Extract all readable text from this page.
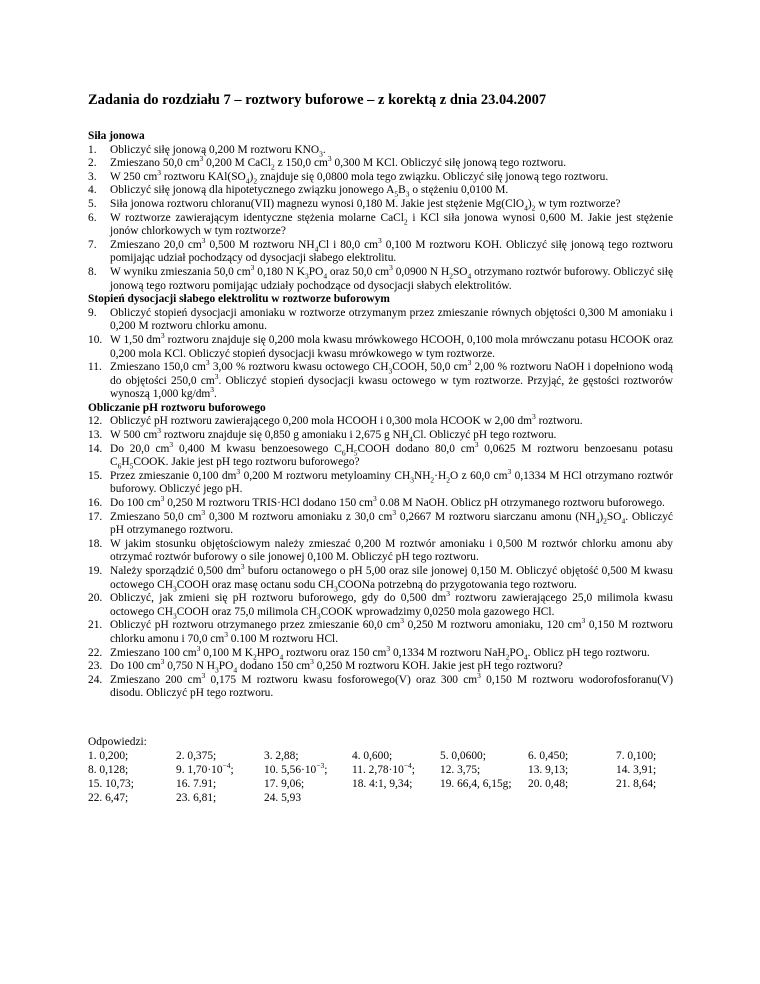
Zadania do rozdziału 7 – roztwory buforowe – z korektą z dnia 23.04.2007
Siła jonowa
1. Obliczyć siłę jonową 0,200 M roztworu $KNO_3$.
2. Zmieszano 50,0 $cm^3$ 0,200 M CaCl$_2$ z 150,0 $cm^3$ 0,300 M KCl. Obliczyć siłę jonową tego roztworu.
3. W 250 $cm^3$ roztworu $KAl(SO_4)_2$ znajduje się 0,0800 mola tego związku. Obliczyć siłę jonową tego roztworu.
4. Obliczyć siłę jonową dla hipotetycznego związku jonowego $A_5B_3$ o stężeniu 0,0100 M.
5. Siła jonowa roztworu chloranu(VII) magnezu wynosi 0,180 M. Jakie jest stężenie $Mg(ClO_4)_2$ w tym roztworze?
6. W roztworze zawierającym identyczne stężenia molarne CaCl$_2$ i KCl siła jonowa wynosi 0,600 M. Jakie jest stężenie jonów chlorkowych w tym roztworze?
7. Zmieszano 20,0 $cm^3$ 0,500 M roztworu $NH_4Cl$ i 80,0 $cm^3$ 0,100 M roztworu KOH. Obliczyć siłę jonową tego roztworu pomijając udział pochodzący od dysocjacji słabego elektrolitu.
8. W wyniku zmieszania 50,0 $cm^3$ 0,180 N $K_3PO_4$ oraz 50,0 $cm^3$ 0,0900 N $H_2SO_4$ otrzymano roztwór buforowy. Obliczyć siłę jonową tego roztworu pomijając udziały pochodzące od dysocjacji słabych elektrolitów.
Stopień dysocjacji słabego elektrolitu w roztworze buforowym
9. Obliczyć stopień dysocjacji amoniaku w roztworze otrzymanym przez zmieszanie równych objętości 0,300 M amoniaku i 0,200 M roztworu chlorku amonu.
10. W 1,50 $dm^3$ roztworu znajduje się 0,200 mola kwasu mrówkowego HCOOH, 0,100 mola mrówczanu potasu HCOOK oraz 0,200 mola KCl. Obliczyć stopień dysocjacji kwasu mrówkowego w tym roztworze.
11. Zmieszano 150,0 $cm^3$ 3,00 % roztworu kwasu octowego $CH_3COOH$, 50,0 $cm^3$ 2,00 % roztworu NaOH i dopełniono wodą do objętości 250,0 $cm^3$. Obliczyć stopień dysocjacji kwasu octowego w tym roztworze. Przyjąć, że gęstości roztworów wynoszą 1,000 $kg/dm^3$.
Obliczanie pH roztworu buforowego
12. Obliczyć pH roztworu zawierającego 0,200 mola HCOOH i 0,300 mola HCOOK w 2,00 $dm^3$ roztworu.
13. W 500 $cm^3$ roztworu znajduje się 0,850 g amoniaku i 2,675 g $NH_4Cl$. Obliczyć pH tego roztworu.
14. Do 20,0 $cm^3$ 0,400 M kwasu benzoesowego $C_6H_5COOH$ dodano 80,0 $cm^3$ 0,0625 M roztworu benzoesanu potasu $C_6H_5COOK$. Jakie jest pH tego roztworu buforowego?
15. Przez zmieszanie 0,100 $dm^3$ 0,200 M roztworu metyloaminy $CH_3NH_2\cdot H_2O$ z 60,0 $cm^3$ 0,1334 M HCl otrzymano roztwór buforowy. Obliczyć jego pH.
16. Do 100 $cm^3$ 0,250 M roztworu TRIS·HCl dodano 150 $cm^3$ 0.08 M NaOH. Oblicz pH otrzymanego roztworu buforowego.
17. Zmieszano 50,0 $cm^3$ 0,300 M roztworu amoniaku z 30,0 $cm^3$ 0,2667 M roztworu siarczanu amonu $(NH_4)_2SO_4$. Obliczyć pH otrzymanego roztworu.
18. W jakim stosunku objętościowym należy zmieszać 0,200 M roztwór amoniaku i 0,500 M roztwór chlorku amonu aby otrzymać roztwór buforowy o sile jonowej 0,100 M. Obliczyć pH tego roztworu.
19. Należy sporządzić 0,500 $dm^3$ buforu octanowego o pH 5,00 oraz sile jonowej 0,150 M. Obliczyć objętość 0,500 M kwasu octowego $CH_3COOH$ oraz masę octanu sodu $CH_3COONa$ potrzebną do przygotowania tego roztworu.
20. Obliczyć, jak zmieni się pH roztworu buforowego, gdy do 0,500 $dm^3$ roztworu zawierającego 25,0 milimola kwasu octowego $CH_3COOH$ oraz 75,0 milimola $CH_3COOK$ wprowadzimy 0,0250 mola gazowego HCl.
21. Obliczyć pH roztworu otrzymanego przez zmieszanie 60,0 $cm^3$ 0,250 M roztworu amoniaku, 120 $cm^3$ 0,150 M roztworu chlorku amonu i 70,0 $cm^3$ 0.100 M roztworu HCl.
22. Zmieszano 100 $cm^3$ 0,100 M $K_2HPO_4$ roztworu oraz 150 $cm^3$ 0,1334 M roztworu $NaH_2PO_4$. Oblicz pH tego roztworu.
23. Do 100 $cm^3$ 0,750 N $H_3PO_4$ dodano 150 $cm^3$ 0,250 M roztworu KOH. Jakie jest pH tego roztworu?
24. Zmieszano 200 $cm^3$ 0,175 M roztworu kwasu fosforowego(V) oraz 300 $cm^3$ 0,150 M roztworu wodorofosforanu(V) disodu. Obliczyć pH tego roztworu.
Odpowiedzi:
1. 0,200;	2. 0,375;	3. 2,88;	4. 0,600;	5. 0,0600;	6. 0,450;	7. 0,100;
8. 0,128;	9. $1,70\cdot 10^{-4}$;	10. $5,56\cdot 10^{-3}$;	11. $2,78\cdot 10^{-4}$;	12. 3,75;	13. 9,13;	14. 3,91;
15. 10,73;	16. 7.91;	17. 9,06;	18. 4:1, 9,34;	19. 66,4, 6,15g;	20. 0,48;	21. 8,64;
22. 6,47;	23. 6,81;	24. 5,93
